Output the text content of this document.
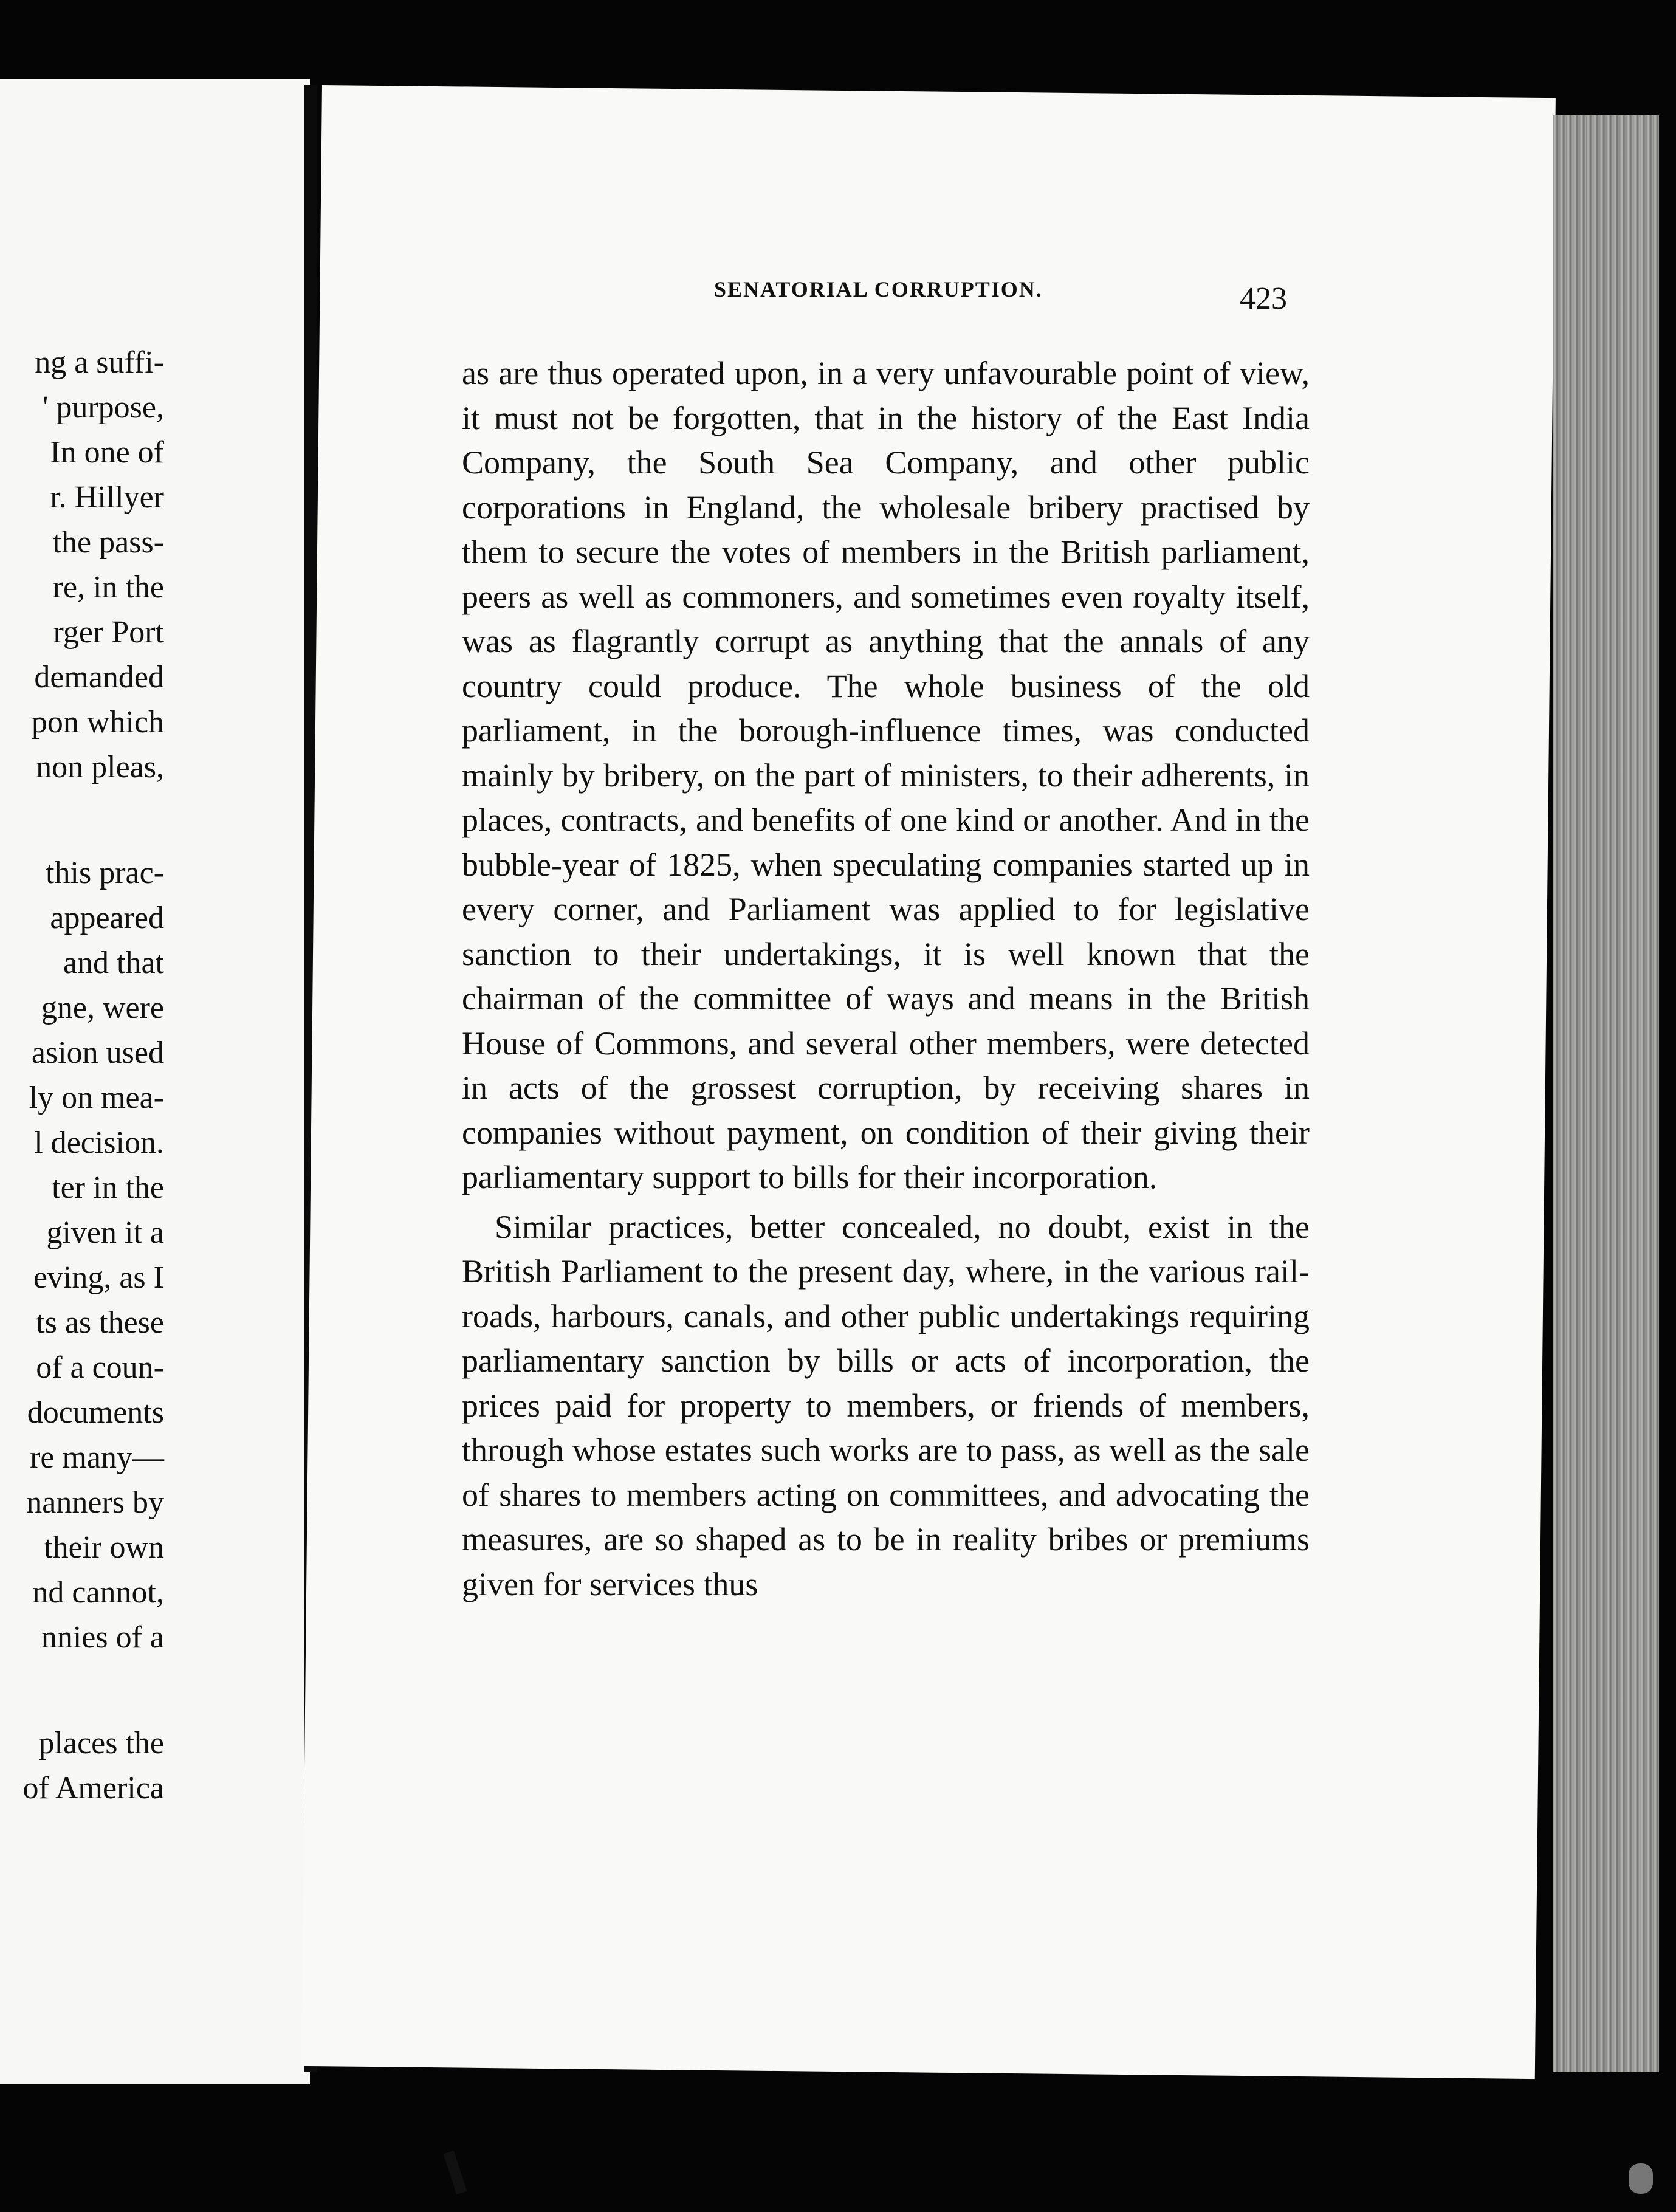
ng a suffi-
' purpose,
In one of
r. Hillyer
the pass-
re, in the
rger Port
demanded
pon which
non pleas,
this prac-
appeared
and that
gne, were
asion used
ly on mea-
l decision.
ter in the
given it a
eving, as I
ts as these
of a coun-
documents
re many—
nanners by
their own
nd cannot,
nnies of a
places the
of America
SENATORIAL CORRUPTION.	423

as are thus operated upon, in a very unfavourable point of view, it must not be forgotten, that in the history of the East India Company, the South Sea Company, and other public corporations in England, the wholesale bribery practised by them to secure the votes of members in the British parliament, peers as well as commoners, and sometimes even royalty itself, was as flagrantly corrupt as anything that the annals of any country could produce. The whole business of the old parliament, in the borough-influence times, was conducted mainly by bribery, on the part of ministers, to their adherents, in places, contracts, and benefits of one kind or another. And in the bubble-year of 1825, when speculating companies started up in every corner, and Parliament was applied to for legislative sanction to their undertakings, it is well known that the chairman of the committee of ways and means in the British House of Commons, and several other members, were detected in acts of the grossest corruption, by receiving shares in companies without payment, on condition of their giving their parliamentary support to bills for their incorporation.

Similar practices, better concealed, no doubt, exist in the British Parliament to the present day, where, in the various rail-roads, harbours, canals, and other public undertakings requiring parliamentary sanction by bills or acts of incorporation, the prices paid for property to members, or friends of members, through whose estates such works are to pass, as well as the sale of shares to members acting on committees, and advocating the measures, are so shaped as to be in reality bribes or premiums given for services thus
